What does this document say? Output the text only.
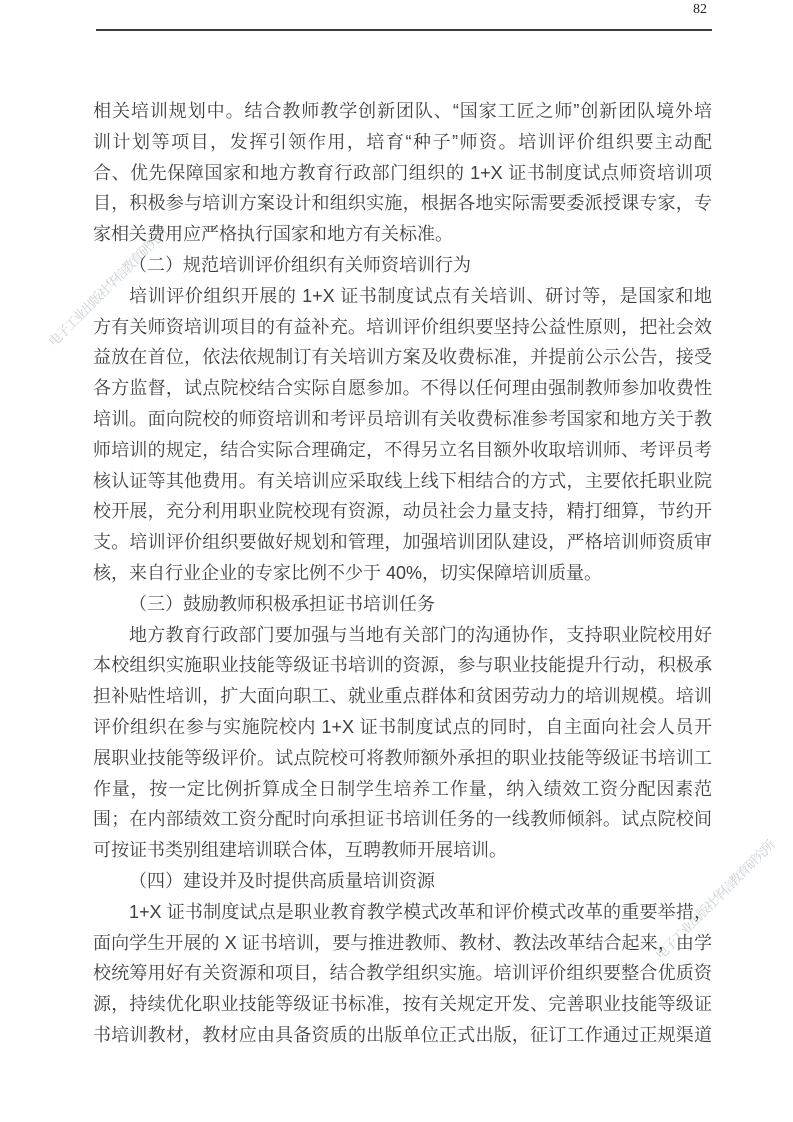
电子工业出版社华信教育研究所
电子工业出版社华信教育研究所
82
相关培训规划中。结合教师教学创新团队、“国家工匠之师”创新团队境外培
训计划等项目，发挥引领作用，培育“种子”师资。培训评价组织要主动配
合、优先保障国家和地方教育行政部门组织的 1+X 证书制度试点师资培训项
目，积极参与培训方案设计和组织实施，根据各地实际需要委派授课专家，专
家相关费用应严格执行国家和地方有关标准。
（二）规范培训评价组织有关师资培训行为
培训评价组织开展的 1+X 证书制度试点有关培训、研讨等，是国家和地
方有关师资培训项目的有益补充。培训评价组织要坚持公益性原则，把社会效
益放在首位，依法依规制订有关培训方案及收费标准，并提前公示公告，接受
各方监督，试点院校结合实际自愿参加。不得以任何理由强制教师参加收费性
培训。面向院校的师资培训和考评员培训有关收费标准参考国家和地方关于教
师培训的规定，结合实际合理确定，不得另立名目额外收取培训师、考评员考
核认证等其他费用。有关培训应采取线上线下相结合的方式，主要依托职业院
校开展，充分利用职业院校现有资源，动员社会力量支持，精打细算，节约开
支。培训评价组织要做好规划和管理，加强培训团队建设，严格培训师资质审
核，来自行业企业的专家比例不少于 40%，切实保障培训质量。
（三）鼓励教师积极承担证书培训任务
地方教育行政部门要加强与当地有关部门的沟通协作，支持职业院校用好
本校组织实施职业技能等级证书培训的资源，参与职业技能提升行动，积极承
担补贴性培训，扩大面向职工、就业重点群体和贫困劳动力的培训规模。培训
评价组织在参与实施院校内 1+X 证书制度试点的同时，自主面向社会人员开
展职业技能等级评价。试点院校可将教师额外承担的职业技能等级证书培训工
作量，按一定比例折算成全日制学生培养工作量，纳入绩效工资分配因素范
围；在内部绩效工资分配时向承担证书培训任务的一线教师倾斜。试点院校间
可按证书类别组建培训联合体，互聘教师开展培训。
（四）建设并及时提供高质量培训资源
1+X 证书制度试点是职业教育教学模式改革和评价模式改革的重要举措，
面向学生开展的 X 证书培训，要与推进教师、教材、教法改革结合起来，由学
校统筹用好有关资源和项目，结合教学组织实施。培训评价组织要整合优质资
源，持续优化职业技能等级证书标准，按有关规定开发、完善职业技能等级证
书培训教材，教材应由具备资质的出版单位正式出版，征订工作通过正规渠道
